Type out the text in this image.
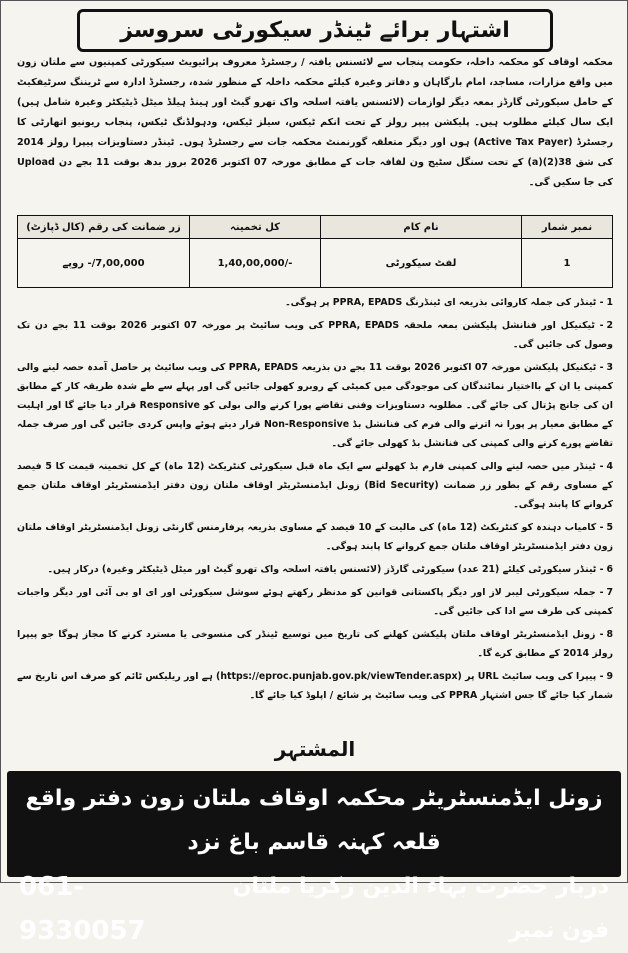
اشتہار برائے ٹینڈر سیکورٹی سروسز
محکمہ اوقاف کو محکمہ داخلہ، حکومت پنجاب سے لائسنس یافتہ / رجسٹرڈ معروف پرائیویٹ سیکورٹی کمپنیوں سے ملتان زون میں واقع مزارات، مساجد، امام بارگاہان و دفاتر وغیرہ کیلئے محکمہ داخلہ کے منظور شدہ، رجسٹرڈ ادارہ سے ٹریننگ سرٹیفکیٹ کے حامل سیکورٹی گارڈز بمعہ دیگر لوازمات (لائسنس یافتہ اسلحہ واک تھرو گیٹ اور ہینڈ ہیلڈ میٹل ڈیٹیکٹر وغیرہ شامل ہیں) ایک سال کیلئے مطلوب ہیں۔ پلیکشن پیپر رولز کے تحت انکم ٹیکس، سیلز ٹیکس، ودہولڈنگ ٹیکس، پنجاب ریونیو اتھارٹی کا رجسٹرڈ (Active Tax Payer) ہوں اور دیگر متعلقہ گورنمنٹ محکمہ جات سے رجسٹرڈ ہوں۔ ٹینڈر دستاویزات پیپرا رولز 2014 کی شق 38(2)(a) کے تحت سنگل سٹیج ون لفافہ جات کے مطابق مورخہ 07 اکتوبر 2026 بروز بدھ بوقت 11 بجے دن Upload کی جا سکیں گی۔
نمبر شمار	نام کام	کل تخمینہ	زر ضمانت کی رقم (کال ڈپازٹ)
1	لفٹ سیکورٹی	1,40,00,000/-	7,00,000/- روپے
1- ٹینڈر کی جملہ کاروائی بذریعہ ای ٹینڈرنگ PPRA, EPADS پر ہوگی۔
2- ٹیکنیکل اور فنانشل پلیکشن بمعہ ملحقہ PPRA, EPADS کی ویب سائیٹ پر مورخہ 07 اکتوبر 2026 بوقت 11 بجے دن تک وصول کی جائیں گی۔
3- ٹیکنیکل پلیکشن مورخہ 07 اکتوبر 2026 بوقت 11 بجے دن بذریعہ PPRA, EPADS کی ویب سائیٹ پر حاصل آمدہ حصہ لینے والی کمپنی یا ان کے بااختیار نمائندگان کی موجودگی میں کمیٹی کے روبرو کھولی جائیں گی اور پہلے سے طے شدہ طریقہ کار کے مطابق ان کی جانچ پڑتال کی جائے گی۔ مطلوبہ دستاویزات وفنی تقاضے پورا کرنے والی بولی کو Responsive قرار دیا جائے گا اور اہلیت کے مطابق معیار پر پورا نہ اترنے والی فرم کی فنانشل بڈ Non-Responsive قرار دیتے ہوئے واپس کردی جائیں گی اور صرف جملہ تقاضے پورے کرنے والی کمپنی کی فنانشل بڈ کھولی جائے گی۔
4- ٹینڈر میں حصہ لینے والی کمپنی فارم بڈ کھولنے سے ایک ماہ قبل سیکورٹی کنٹریکٹ (12 ماہ) کے کل تخمینہ قیمت کا 5 فیصد کے مساوی رقم کے بطور زر ضمانت (Bid Security) زونل ایڈمنسٹریٹر اوقاف ملتان زون دفتر ایڈمنسٹریٹر اوقاف ملتان جمع کروانے کا پابند ہوگی۔
5- کامیاب دہندہ کو کنٹریکٹ (12 ماہ) کی مالیت کے 10 فیصد کے مساوی بذریعہ پرفارمنس گارنٹی زونل ایڈمنسٹریٹر اوقاف ملتان زون دفتر ایڈمنسٹریٹر اوقاف ملتان جمع کروانے کا پابند ہوگی۔
6- ٹینڈر سیکورٹی کیلئے (21 عدد) سیکورٹی گارڈز (لائسنس یافتہ اسلحہ واک تھرو گیٹ اور میٹل ڈیٹیکٹر وغیرہ) درکار ہیں۔
7- جملہ سیکورٹی لیبر لاز اور دیگر پاکستانی قوانین کو مدنظر رکھتے ہوئے سوشل سیکورٹی اور ای او بی آئی اور دیگر واجبات کمپنی کی طرف سے ادا کی جائیں گی۔
8- زونل ایڈمنسٹریٹر اوقاف ملتان پلیکشن کھلنے کی تاریخ میں توسیع ٹینڈر کی منسوخی یا مسترد کرنے کا مجاز ہوگا جو پیپرا رولز 2014 کے مطابق کرے گا۔
9- پیپرا کی ویب سائیٹ URL پر (https://eproc.punjab.gov.pk/viewTender.aspx) ہے اور ریلیکس ٹائم کو صرف اس تاریخ سے شمار کیا جائے گا جس اشتہار PPRA کی ویب سائیٹ پر شائع / اپلوڈ کیا جائے گا۔
المشتہر
زونل ایڈمنسٹریٹر محکمہ اوقاف ملتان زون دفتر واقع قلعہ کہنہ قاسم باغ نزد
دربار حضرت بہاء الدین زکریا ملتان فون نمبر
061-9330057
